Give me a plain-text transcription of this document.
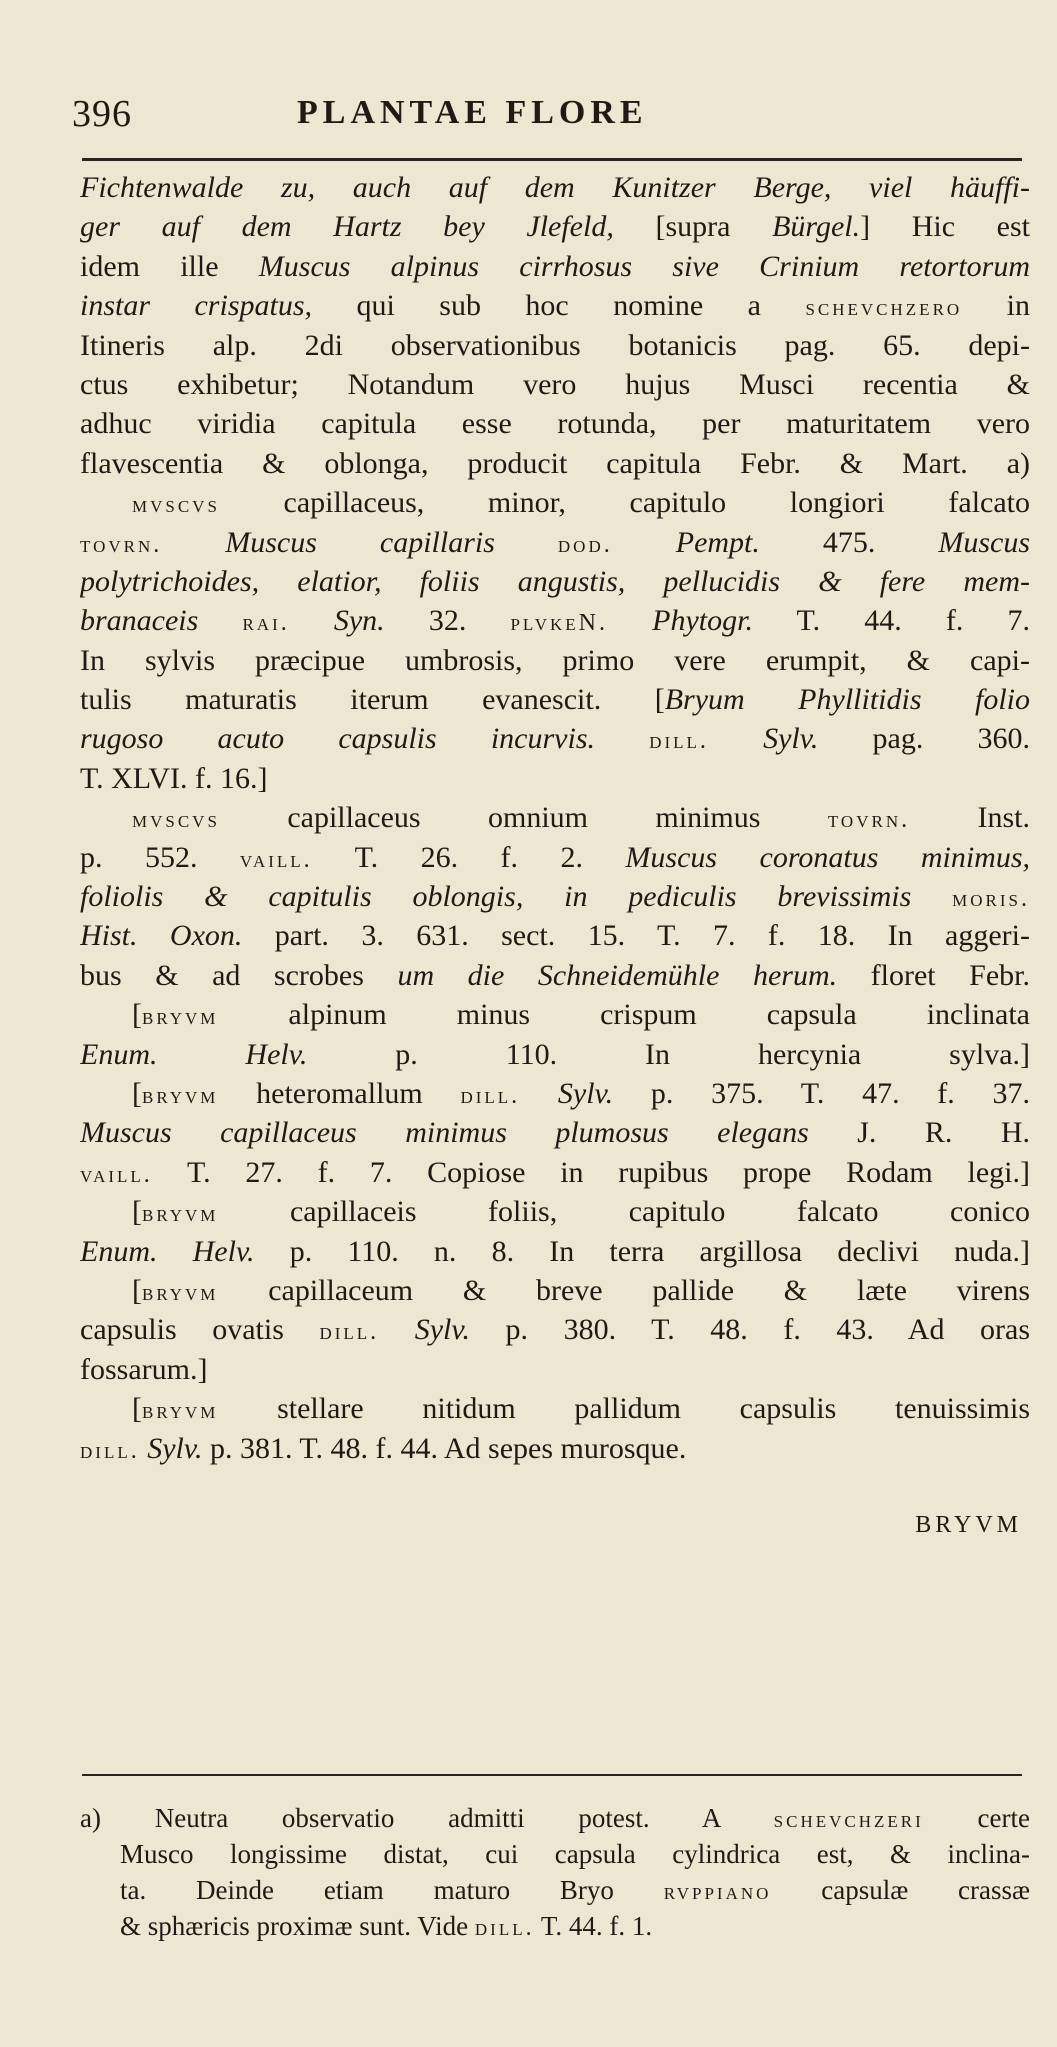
396	PLANTAE FLORE
Fichtenwalde zu, auch auf dem Kunitzer Berge, viel häuffi-
ger auf dem Hartz bey Jlefeld, [supra Bürgel.] Hic est
idem ille Muscus alpinus cirrhosus sive Crinium retortorum
instar crispatus, qui sub hoc nomine a schevchzero in
Itineris alp. 2di observationibus botanicis pag. 65. depi-
ctus exhibetur; Notandum vero hujus Musci recentia &
adhuc viridia capitula esse rotunda, per maturitatem vero
flavescentia & oblonga, producit capitula Febr. & Mart. a)
mvscvs capillaceus, minor, capitulo longiori falcato
tovrn. Muscus capillaris	dod. Pempt. 475. Muscus
polytrichoides, elatior, foliis angustis, pellucidis & fere mem-
branaceis rai. Syn. 32. plvkeN. Phytogr. T. 44. f. 7.
In sylvis præcipue umbrosis, primo vere erumpit, & capi-
tulis maturatis iterum evanescit. [Bryum Phyllitidis folio
rugoso acuto capsulis incurvis. dill. Sylv. pag. 360.
T. XLVI. f. 16.]
mvscvs capillaceus omnium minimus tovrn. Inst.
p. 552. vaill. T. 26. f. 2. Muscus coronatus minimus,
foliolis & capitulis oblongis, in pediculis brevissimis moris.
Hist. Oxon. part. 3. 631. sect. 15. T. 7. f. 18. In aggeri-
bus & ad scrobes um die Schneidemühle herum. floret Febr.
[bryvm alpinum minus crispum capsula inclinata
Enum. Helv. p. 110. In hercynia sylva.]
[bryvm heteromallum dill. Sylv. p. 375. T. 47. f. 37.
Muscus capillaceus minimus plumosus elegans J. R. H.
vaill. T. 27. f. 7. Copiose in rupibus prope Rodam legi.]
[bryvm capillaceis foliis, capitulo falcato conico
Enum. Helv. p. 110. n. 8. In terra argillosa declivi nuda.]
[bryvm capillaceum & breve pallide & læte virens
capsulis ovatis dill. Sylv. p. 380. T. 48. f. 43. Ad oras
fossarum.]
[bryvm stellare nitidum pallidum capsulis tenuissimis
dill. Sylv. p. 381. T. 48. f. 44. Ad sepes murosque.
BRYVM
a) Neutra observatio admitti potest. A schevchzeri certe
Musco longissime distat, cui capsula cylindrica est, & inclina-
ta. Deinde etiam maturo Bryo rvppiano capsulæ crassæ
& sphæricis proximæ sunt. Vide dill. T. 44. f. 1.
